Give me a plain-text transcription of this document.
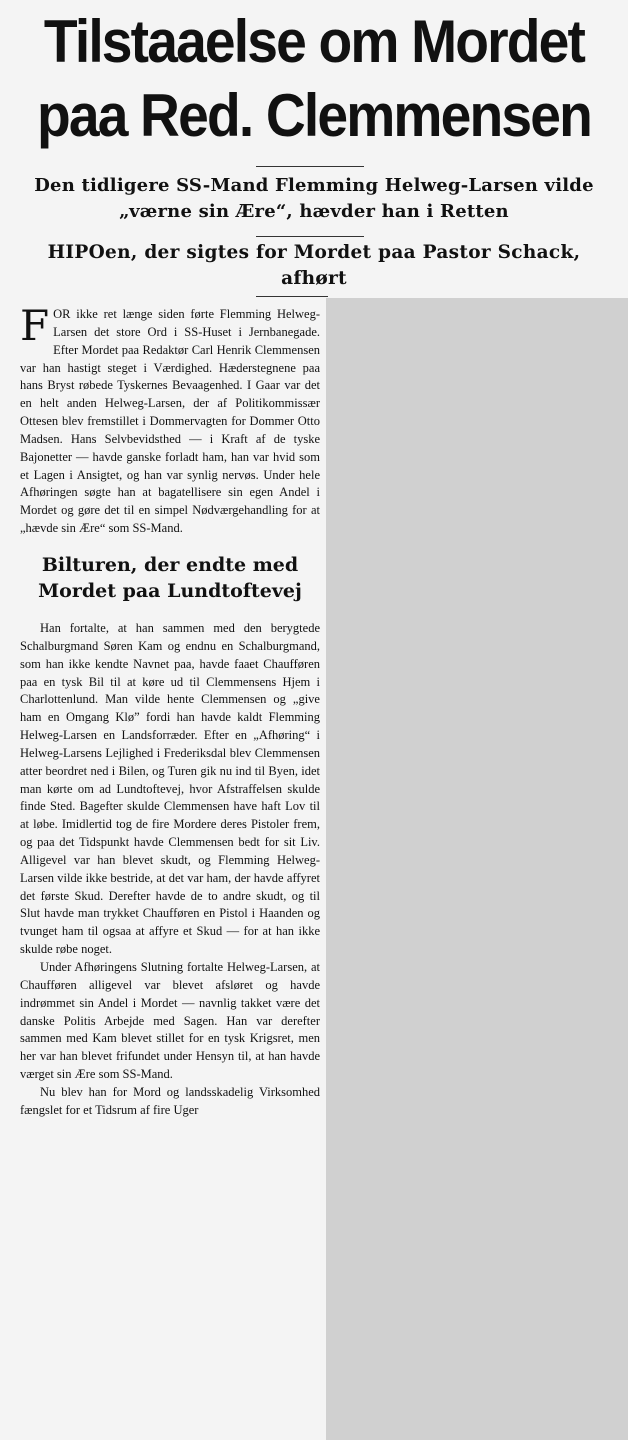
Tilstaaelse om Mordet
paa Red. Clemmensen
Den tidligere SS-Mand Flemming Helweg-Larsen vilde
„værne sin Ære“, hævder han i Retten
HIPOen, der sigtes for Mordet paa Pastor Schack,
afhørt

FOR ikke ret længe siden førte Flemming Helweg-Larsen det store Ord i SS-Huset i Jernbanegade. Efter Mordet paa Redaktør Carl Henrik Clemmensen var han hastigt steget i Værdighed. Hæderstegnene paa hans Bryst røbede Tyskernes Bevaagenhed. I Gaar var det en helt anden Helweg-Larsen, der af Politikommissær Ottesen blev fremstillet i Dommervagten for Dommer Otto Madsen. Hans Selvbevidsthed — i Kraft af de tyske Bajonetter — havde ganske forladt ham, han var hvid som et Lagen i Ansigtet, og han var synlig nervøs. Under hele Afhøringen søgte han at bagatellisere sin egen Andel i Mordet og gøre det til en simpel Nødværgehandling for at „hævde sin Ære“ som SS-Mand.

Bilturen, der endte med
Mordet paa Lundtoftevej

Han fortalte, at han sammen med den berygtede Schalburgmand Søren Kam og endnu en Schalburgmand, som han ikke kendte Navnet paa, havde faaet Chaufføren paa en tysk Bil til at køre ud til Clemmensens Hjem i Charlottenlund. Man vilde hente Clemmensen og „give ham en Omgang Kløˮ fordi han havde kaldt Flemming Helweg-Larsen en Landsforræder. Efter en „Afhøring“ i Helweg-Larsens Lejlighed i Frederiksdal blev Clemmensen atter beordret ned i Bilen, og Turen gik nu ind til Byen, idet man kørte om ad Lundtoftevej, hvor Afstraffelsen skulde finde Sted. Bagefter skulde Clemmensen have haft Lov til at løbe. Imidlertid tog de fire Mordere deres Pistoler frem, og paa det Tidspunkt havde Clemmensen bedt for sit Liv. Alligevel var han blevet skudt, og Flemming Helweg-Larsen vilde ikke bestride, at det var ham, der havde affyret det første Skud. Derefter havde de to andre skudt, og til Slut havde man trykket Chaufføren en Pistol i Haanden og tvunget ham til ogsaa at affyre et Skud — for at han ikke skulde røbe noget.

Under Afhøringens Slutning fortalte Helweg-Larsen, at Chaufføren alligevel var blevet afsløret og havde indrømmet sin Andel i Mordet — navnlig takket være det danske Politis Arbejde med Sagen. Han var derefter sammen med Kam blevet stillet for en tysk Krigsret, men her var han blevet frifundet under Hensyn til, at han havde værget sin Ære som SS-Mand.

Nu blev han for Mord og landsskadelig Virksomhed fængslet for et Tidsrum af fire Uger
